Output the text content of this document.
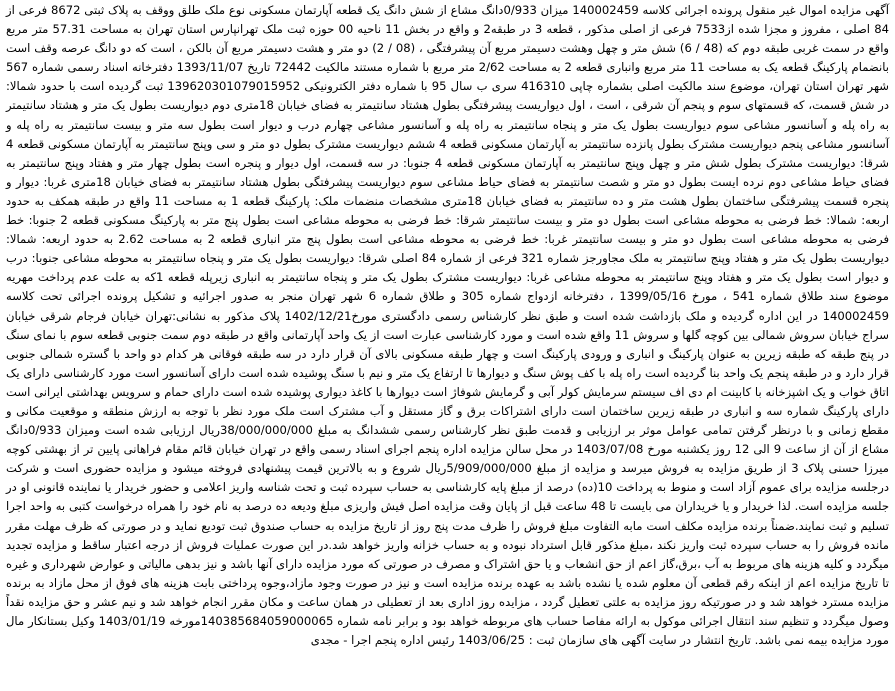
آگهی مزایده اموال غیر منقول پرونده اجرائی کلاسه 140002459 میزان 0/933دانگ مشاع از شش دانگ یک قطعه آپارتمان مسکونی نوع ملک طلق ووقف به پلاک ثبتی 8672 فرعی از 84 اصلی ، مفروز و مجزا شده از7533 فرعی از اصلی مذکور ، قطعه 3 در طبقه2 و واقع در بخش 11 ناحیه 00 حوزه ثبت ملک تهرانپارس استان تهران به مساحت 57.31 متر مربع واقع در سمت غربی طبقه دوم که (48 / 6) شش متر و چهل وهشت دسیمتر مربع آن پیشرفتگی ، (08 / 2) دو متر و هشت دسیمتر مربع آن بالکن ، است که دو دانگ عرصه وقف است بانضمام پارکینگ قطعه یک به مساحت 11 متر مربع وانباری قطعه 2 به مساحت 2/62 متر مربع با شماره مستند مالکیت 72442 تاریخ 1393/11/07 دفترخانه اسناد رسمی شماره 567 شهر تهران استان تهران، موضوع سند مالکیت اصلی بشماره چاپی 416310 سری ب سال 95 با شماره دفتر الکترونیکی 139620301079015952 ثبت گردیده است با حدود شمالا: در شش قسمت، که قسمتهای سوم و پنجم آن شرقی ، است ، اول دیواریست پیشرفتگی بطول هشتاد سانتیمتر به فضای خیابان 18متری دوم دیواریست بطول یک متر و هشتاد سانتیمتر به راه پله و آسانسور مشاعی سوم دیواریست بطول یک متر و پنجاه سانتیمتر به راه پله و آسانسور مشاعی چهارم درب و دیوار است بطول سه متر و بیست سانتیمتر به راه پله و آسانسور مشاعی پنجم دیواریست مشترک بطول پانزده سانتیمتر به آپارتمان مسکونی قطعه 4 ششم دیواریست مشترک بطول دو متر و سی وپنج سانتیمتر به آپارتمان مسکونی قطعه 4 شرقا: دیواریست مشترک بطول شش متر و چهل وپنج سانتیمتر به آپارتمان مسکونی قطعه 4 جنوبا: در سه قسمت، اول دیوار و پنجره است بطول چهار متر و هفتاد وپنج سانتیمتر به فضای حیاط مشاعی دوم نرده ایست بطول دو متر و شصت سانتیمتر به فضای حیاط مشاعی سوم دیواریست پیشرفتگی بطول هشتاد سانتیمتر به فضای خیابان 18متری غربا: دیوار و پنجره قسمت پیشرفتگی ساختمان بطول هشت متر و ده سانتیمتر به فضای خیابان 18متری مشخصات منضمات ملک: پارکینگ قطعه 1 به مساحت 11 واقع در طبقه همکف به حدود اربعه: شمالا: خط فرضی به محوطه مشاعی است بطول دو متر و بیست سانتیمتر شرقا: خط فرضی به محوطه مشاعی است بطول پنج متر به پارکینگ مسکونی قطعه 2 جنوبا: خط فرضی به محوطه مشاعی است بطول دو متر و بیست سانتیمتر غربا: خط فرضی به محوطه مشاعی است بطول پنج متر انباری قطعه 2 به مساحت 2.62 به حدود اربعه: شمالا: دیواریست بطول یک متر و هفتاد وپنج سانتیمتر به ملک مجاورجز شماره 321 فرعی از شماره 84 اصلی شرقا: دیواریست بطول یک متر و پنجاه سانتیمتر به محوطه مشاعی جنوبا: درب و دیوار است بطول یک متر و هفتاد وپنج سانتیمتر به محوطه مشاعی غربا: دیواریست مشترک بطول یک متر و پنجاه سانتیمتر به انباری زیرپله قطعه 1که به علت عدم پرداخت مهریه موضوع سند طلاق شماره 541 ، مورخ 1399/05/16 ، دفترخانه ازدواج شماره 305 و طلاق شماره 6 شهر تهران منجر به صدور اجرائیه و تشکیل پرونده اجرائی تحت کلاسه 140002459 در این اداره گردیده و ملک بازداشت شده است و طبق نظر کارشناس رسمی دادگستری مورخ1402/12/21 پلاک مذکور به نشانی:تهران خیابان فرجام شرقی خیابان سراج خیابان سروش شمالی بین کوچه گلها و سروش 11 واقع شده است و مورد کارشناسی عبارت است از یک واحد آپارتمانی واقع در طبقه دوم سمت جنوبی قطعه سوم با نمای سنگ در پنج طبقه که طبقه زیرین به عنوان پارکینگ و انباری و ورودی پارکینگ است و چهار طبقه مسکونی بالای آن قرار دارد در سه طبقه فوقانی هر کدام دو واحد با گستره شمالی جنوبی قرار دارد و در طبقه پنجم یک واحد بنا گردیده است راه پله با کف پوش سنگ و دیوارها تا ارتفاع یک متر و نیم با سنگ پوشیده شده است دارای آسانسور است مورد کارشناسی دارای یک اتاق خواب و یک اشپزخانه با کابینت ام دی اف سیستم سرمایش کولر آبی و گرمایش شوفاژ است دیوارها با کاغذ دیواری پوشیده شده است دارای حمام و سرویس بهداشتی ایرانی است دارای پارکینگ شماره سه و انباری در طبقه زیرین ساختمان است دارای اشتراکات برق و گاز مستقل و آب مشترک است ملک مورد نظر با توجه به ارزش منطقه و موقعیت مکانی و مقطع زمانی و با درنظر گرفتن تمامی عوامل موثر بر ارزیابی و قدمت طبق نظر کارشناس رسمی ششدانگ به مبلغ 38/000/000/000ریال ارزیابی شده است ومیزان 0/933دانگ مشاع از آن از ساعت 9 الی 12 روز یکشنبه مورخ 1403/07/08 در محل سالن مزایده اداره پنجم اجرای اسناد رسمی واقع در تهران خیابان قائم مقام فراهانی پایین تر از بهشتی کوچه میرزا حسنی پلاک 3 از طریق مزایده به فروش میرسد و مزایده از مبلغ 5/909/000/000ریال شروع و به بالاترین قیمت پیشنهادی فروخته میشود و مزایده حضوری است و شرکت درجلسه مزایده برای عموم آزاد است و منوط به پرداخت 10(ده) درصد از مبلغ پایه کارشناسی به حساب سپرده ثبت و تحت شناسه واریز اعلامی و حضور خریدار یا نماینده قانونی او در جلسه مزایده است. لذا خریدار و یا خریداران می بایست تا 48 ساعت قبل از پایان وقت مزایده اصل فیش واریزی مبلغ ودیعه ده درصد به نام خود را همراه درخواست کتبی به واحد اجرا تسلیم و ثبت نمایند.ضمناً برنده مزایده مکلف است مابه التفاوت مبلغ فروش را ظرف مدت پنج روز از تاریخ مزایده به حساب صندوق ثبت تودیع نماید و در صورتی که ظرف مهلت مقرر مانده فروش را به حساب سپرده ثبت واریز نکند ،مبلغ مذکور قابل استرداد نبوده و به حساب خزانه واریز خواهد شد.در این صورت عملیات فروش از درجه اعتبار ساقط و مزایده تجدید میگردد و کلیه هزینه های مربوط به آب ،برق،گاز اعم از حق انشعاب و یا حق اشتراک و مصرف در صورتی که مورد مزایده دارای آنها باشد و نیز بدهی مالیاتی و عوارض شهرداری و غیره تا تاریخ مزایده اعم از اینکه رقم قطعی آن معلوم شده یا نشده باشد به عهده برنده مزایده است و نیز در صورت وجود مازاد،وجوه پرداختی بابت هزینه های فوق از محل مازاد به برنده مزایده مسترد خواهد شد و در صورتیکه روز مزایده به علتی تعطیل گردد ، مزایده روز اداری بعد از تعطیلی در همان ساعت و مکان مقرر انجام خواهد شد و نیم عشر و حق مزایده نقداً وصول میگردد و تنظیم سند انتقال اجرائی موکول به ارائه مفاصا حساب های مربوطه خواهد بود و برابر نامه شماره 140385684059000065مورخه 1403/01/19 وکیل بستانکار مال مورد مزایده بیمه نمی باشد. تاریخ انتشار در سایت آگهی های سازمان ثبت : 1403/06/25 رئیس اداره پنجم اجرا - مجدی
